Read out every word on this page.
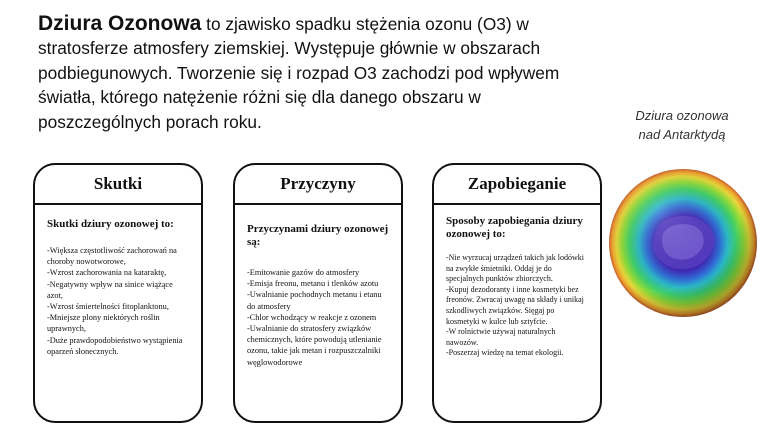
Dziura Ozonowa to zjawisko spadku stężenia ozonu (O3) w stratosferze atmosfery ziemskiej. Występuje głównie w obszarach podbiegunowych. Tworzenie się i rozpad O3 zachodzi pod wpływem światła, którego natężenie różni się dla danego obszaru w poszczególnych porach roku.	Dziura ozonowa
nad Antarktydą
Skutki

Skutki dziury ozonowej to:

-Większa częstotliwość zachorowań na choroby nowotworowe,
-Wzrost zachorowania na kataraktę,
-Negatywny wpływ na sinice wiążące azot,
-Wzrost śmiertelności fitoplanktonu,
-Mniejsze plony niektórych roślin uprawnych,
-Duże prawdopodobieństwo wystąpienia oparzeń słonecznych.
Przyczyny

Przyczynami dziury ozonowej są:

-Emitowanie gazów do atmosfery
-Emisja freonu, metanu i tlenków azotu
-Uwalnianie pochodnych metanu i etanu do atmosfery
-Chlor wchodzący w reakcje z ozonem
-Uwalnianie do stratosfery związków chemicznych, które powodują utlenianie ozonu, takie jak metan i rozpuszczalniki węglowodorowe
Zapobieganie

Sposoby zapobiegania dziury ozonowej to:

-Nie wyrzucaj urządzeń takich jak lodówki na zwykłe śmietniki. Oddaj je do specjalnych punktów zbiorczych.
-Kupuj dezodoranty i inne kosmetyki bez freonów. Zwracaj uwagę na składy i unikaj szkodliwych związków. Sięgaj po kosmetyki w kulce lub sztyfcie.
-W rolnictwie używaj naturalnych nawozów.
-Poszerzaj wiedzę na temat ekologii.
